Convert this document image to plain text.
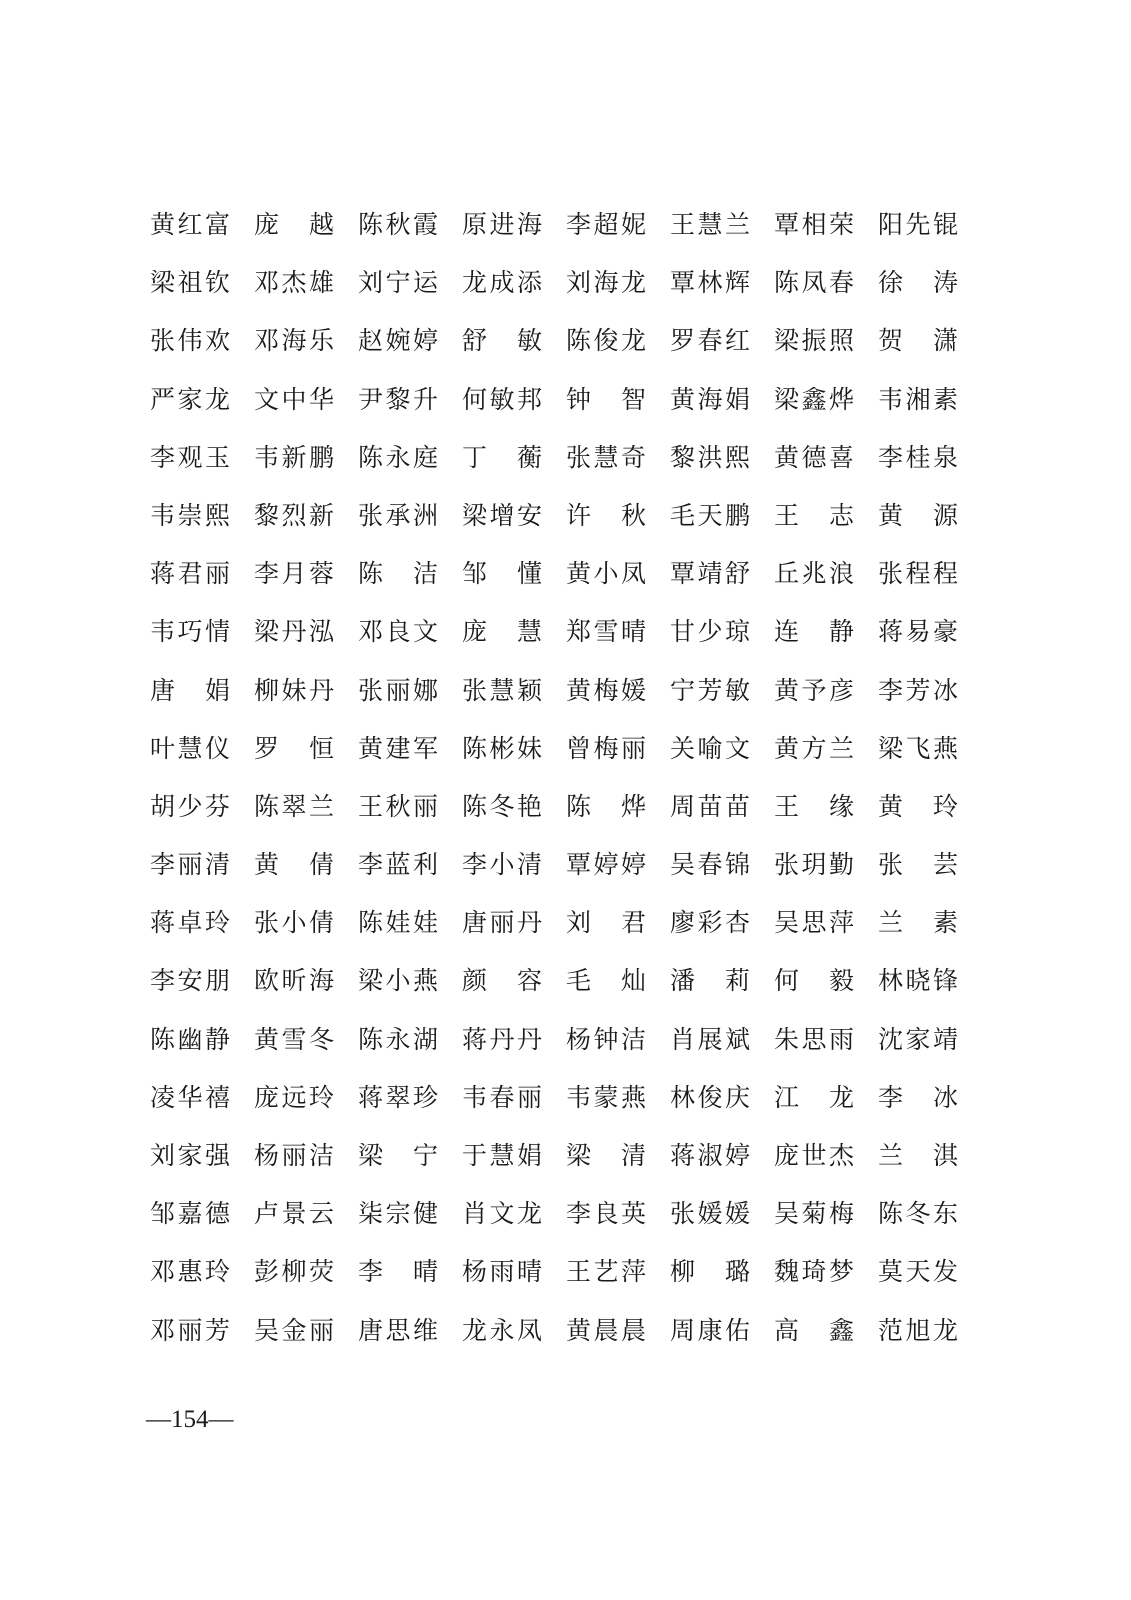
黄红富 庞 越 陈秋霞 原进海 李超妮 王慧兰 覃相荣 阳先锟
梁祖钦 邓杰雄 刘宁运 龙成添 刘海龙 覃林辉 陈凤春 徐 涛
张伟欢 邓海乐 赵婉婷 舒 敏 陈俊龙 罗春红 梁振照 贺 潇
严家龙 文中华 尹黎升 何敏邦 钟 智 黄海娟 梁鑫烨 韦湘素
李观玉 韦新鹏 陈永庭 丁 蘅 张慧奇 黎洪熙 黄德喜 李桂泉
韦崇熙 黎烈新 张承洲 梁增安 许 秋 毛天鹏 王 志 黄 源
蒋君丽 李月蓉 陈 洁 邹 懂 黄小凤 覃靖舒 丘兆浪 张程程
韦巧情 梁丹泓 邓良文 庞 慧 郑雪晴 甘少琼 连 静 蒋易豪
唐 娟 柳妹丹 张丽娜 张慧颖 黄梅媛 宁芳敏 黄予彦 李芳冰
叶慧仪 罗 恒 黄建军 陈彬妹 曾梅丽 关喻文 黄方兰 梁飞燕
胡少芬 陈翠兰 王秋丽 陈冬艳 陈 烨 周苗苗 王 缘 黄 玲
李丽清 黄 倩 李蓝利 李小清 覃婷婷 吴春锦 张玥勤 张 芸
蒋卓玲 张小倩 陈娃娃 唐丽丹 刘 君 廖彩杏 吴思萍 兰 素
李安朋 欧昕海 梁小燕 颜 容 毛 灿 潘 莉 何 毅 林晓锋
陈幽静 黄雪冬 陈永湖 蒋丹丹 杨钟洁 肖展斌 朱思雨 沈家靖
凌华禧 庞远玲 蒋翠珍 韦春丽 韦蒙燕 林俊庆 江 龙 李 冰
刘家强 杨丽洁 梁 宁 于慧娟 梁 清 蒋淑婷 庞世杰 兰 淇
邹嘉德 卢景云 柒宗健 肖文龙 李良英 张媛媛 吴菊梅 陈冬东
邓惠玲 彭柳荧 李 晴 杨雨晴 王艺萍 柳 璐 魏琦梦 莫天发
邓丽芳 吴金丽 唐思维 龙永凤 黄晨晨 周康佑 高 鑫 范旭龙
—154—
